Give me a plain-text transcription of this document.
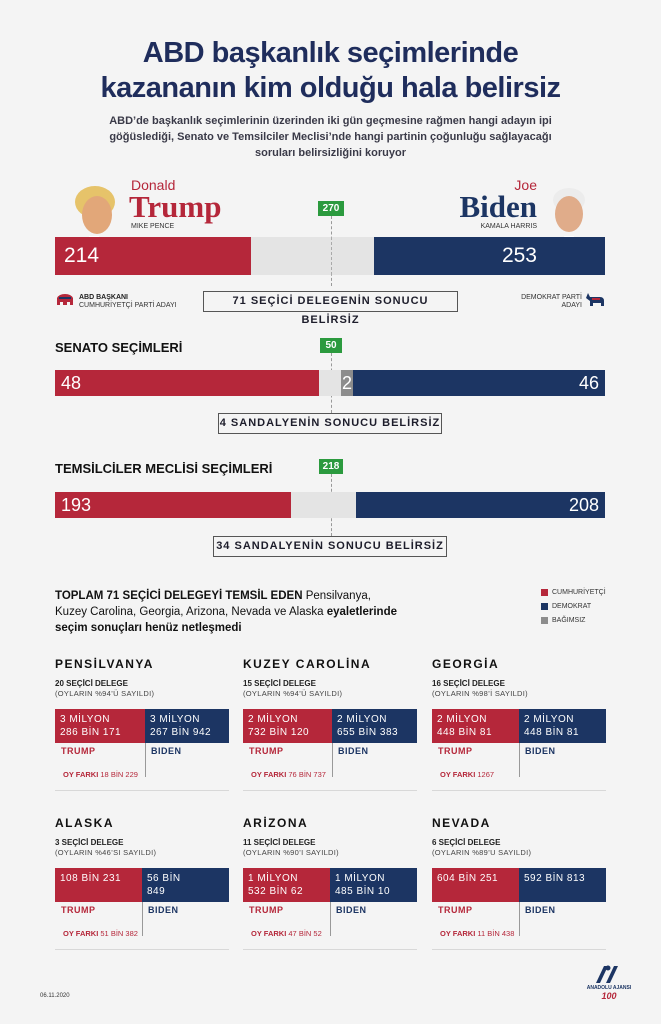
ABD başkanlık seçimlerinde
kazananın kim olduğu hala belirsiz
ABD’de başkanlık seçimlerinin üzerinden iki gün geçmesine rağmen hangi adayın ipi
göğüslediği, Senato ve Temsilciler Meclisi’nde hangi partinin çoğunluğu sağlayacağı
soruları belirsizliğini koruyor
Donald
Trump
MIKE PENCE
Joe
Biden
KAMALA HARRIS
270
214	253
ABD BAŞKANI
CUMHURİYETÇİ PARTİ ADAYI
DEMOKRAT PARTİ
ADAYI
71 SEÇİCİ DELEGENİN SONUCU BELİRSİZ
SENATO SEÇİMLERİ	50
48	2	46
4 SANDALYENİN SONUCU BELİRSİZ
TEMSİLCİLER MECLİSİ SEÇİMLERİ	218
193	208
34 SANDALYENİN SONUCU BELİRSİZ
TOPLAM 71 SEÇİCİ DELEGEYİ TEMSİL EDEN Pensilvanya,
Kuzey Carolina, Georgia, Arizona, Nevada ve Alaska eyaletlerinde
seçim sonuçları henüz netleşmedi
CUMHURİYETÇİ
DEMOKRAT
BAĞIMSIZ
PENSİLVANYA
20 SEÇİCİ DELEGE
(OYLARIN %94’Ü SAYILDI)
3 MİLYON
286 BİN 171
3 MİLYON
267 BİN 942
TRUMP	BIDEN
OY FARKI 18 BİN 229
KUZEY CAROLİNA
15 SEÇİCİ DELEGE
(OYLARIN %94’Ü SAYILDI)
2 MİLYON
732 BİN 120
2 MİLYON
655 BİN 383
TRUMP	BIDEN
OY FARKI 76 BİN 737
GEORGİA
16 SEÇİCİ DELEGE
(OYLARIN %98’İ SAYILDI)
2 MİLYON
448 BİN 81
2 MİLYON
448 BİN 81
TRUMP	BIDEN
OY FARKI 1267
ALASKA
3 SEÇİCİ DELEGE
(OYLARIN %46’SI SAYILDI)
108 BİN 231	56 BİN
849
TRUMP	BIDEN
OY FARKI 51 BİN 382
ARİZONA
11 SEÇİCİ DELEGE
(OYLARIN %90’I SAYILDI)
1 MİLYON
532 BİN 62
1 MİLYON
485 BİN 10
TRUMP	BIDEN
OY FARKI 47 BİN 52
NEVADA
6 SEÇİCİ DELEGE
(OYLARIN %89’U SAYILDI)
604 BİN 251	592 BİN 813
TRUMP	BIDEN
OY FARKI 11 BİN 438
06.11.2020
ANADOLU AJANSI
100
